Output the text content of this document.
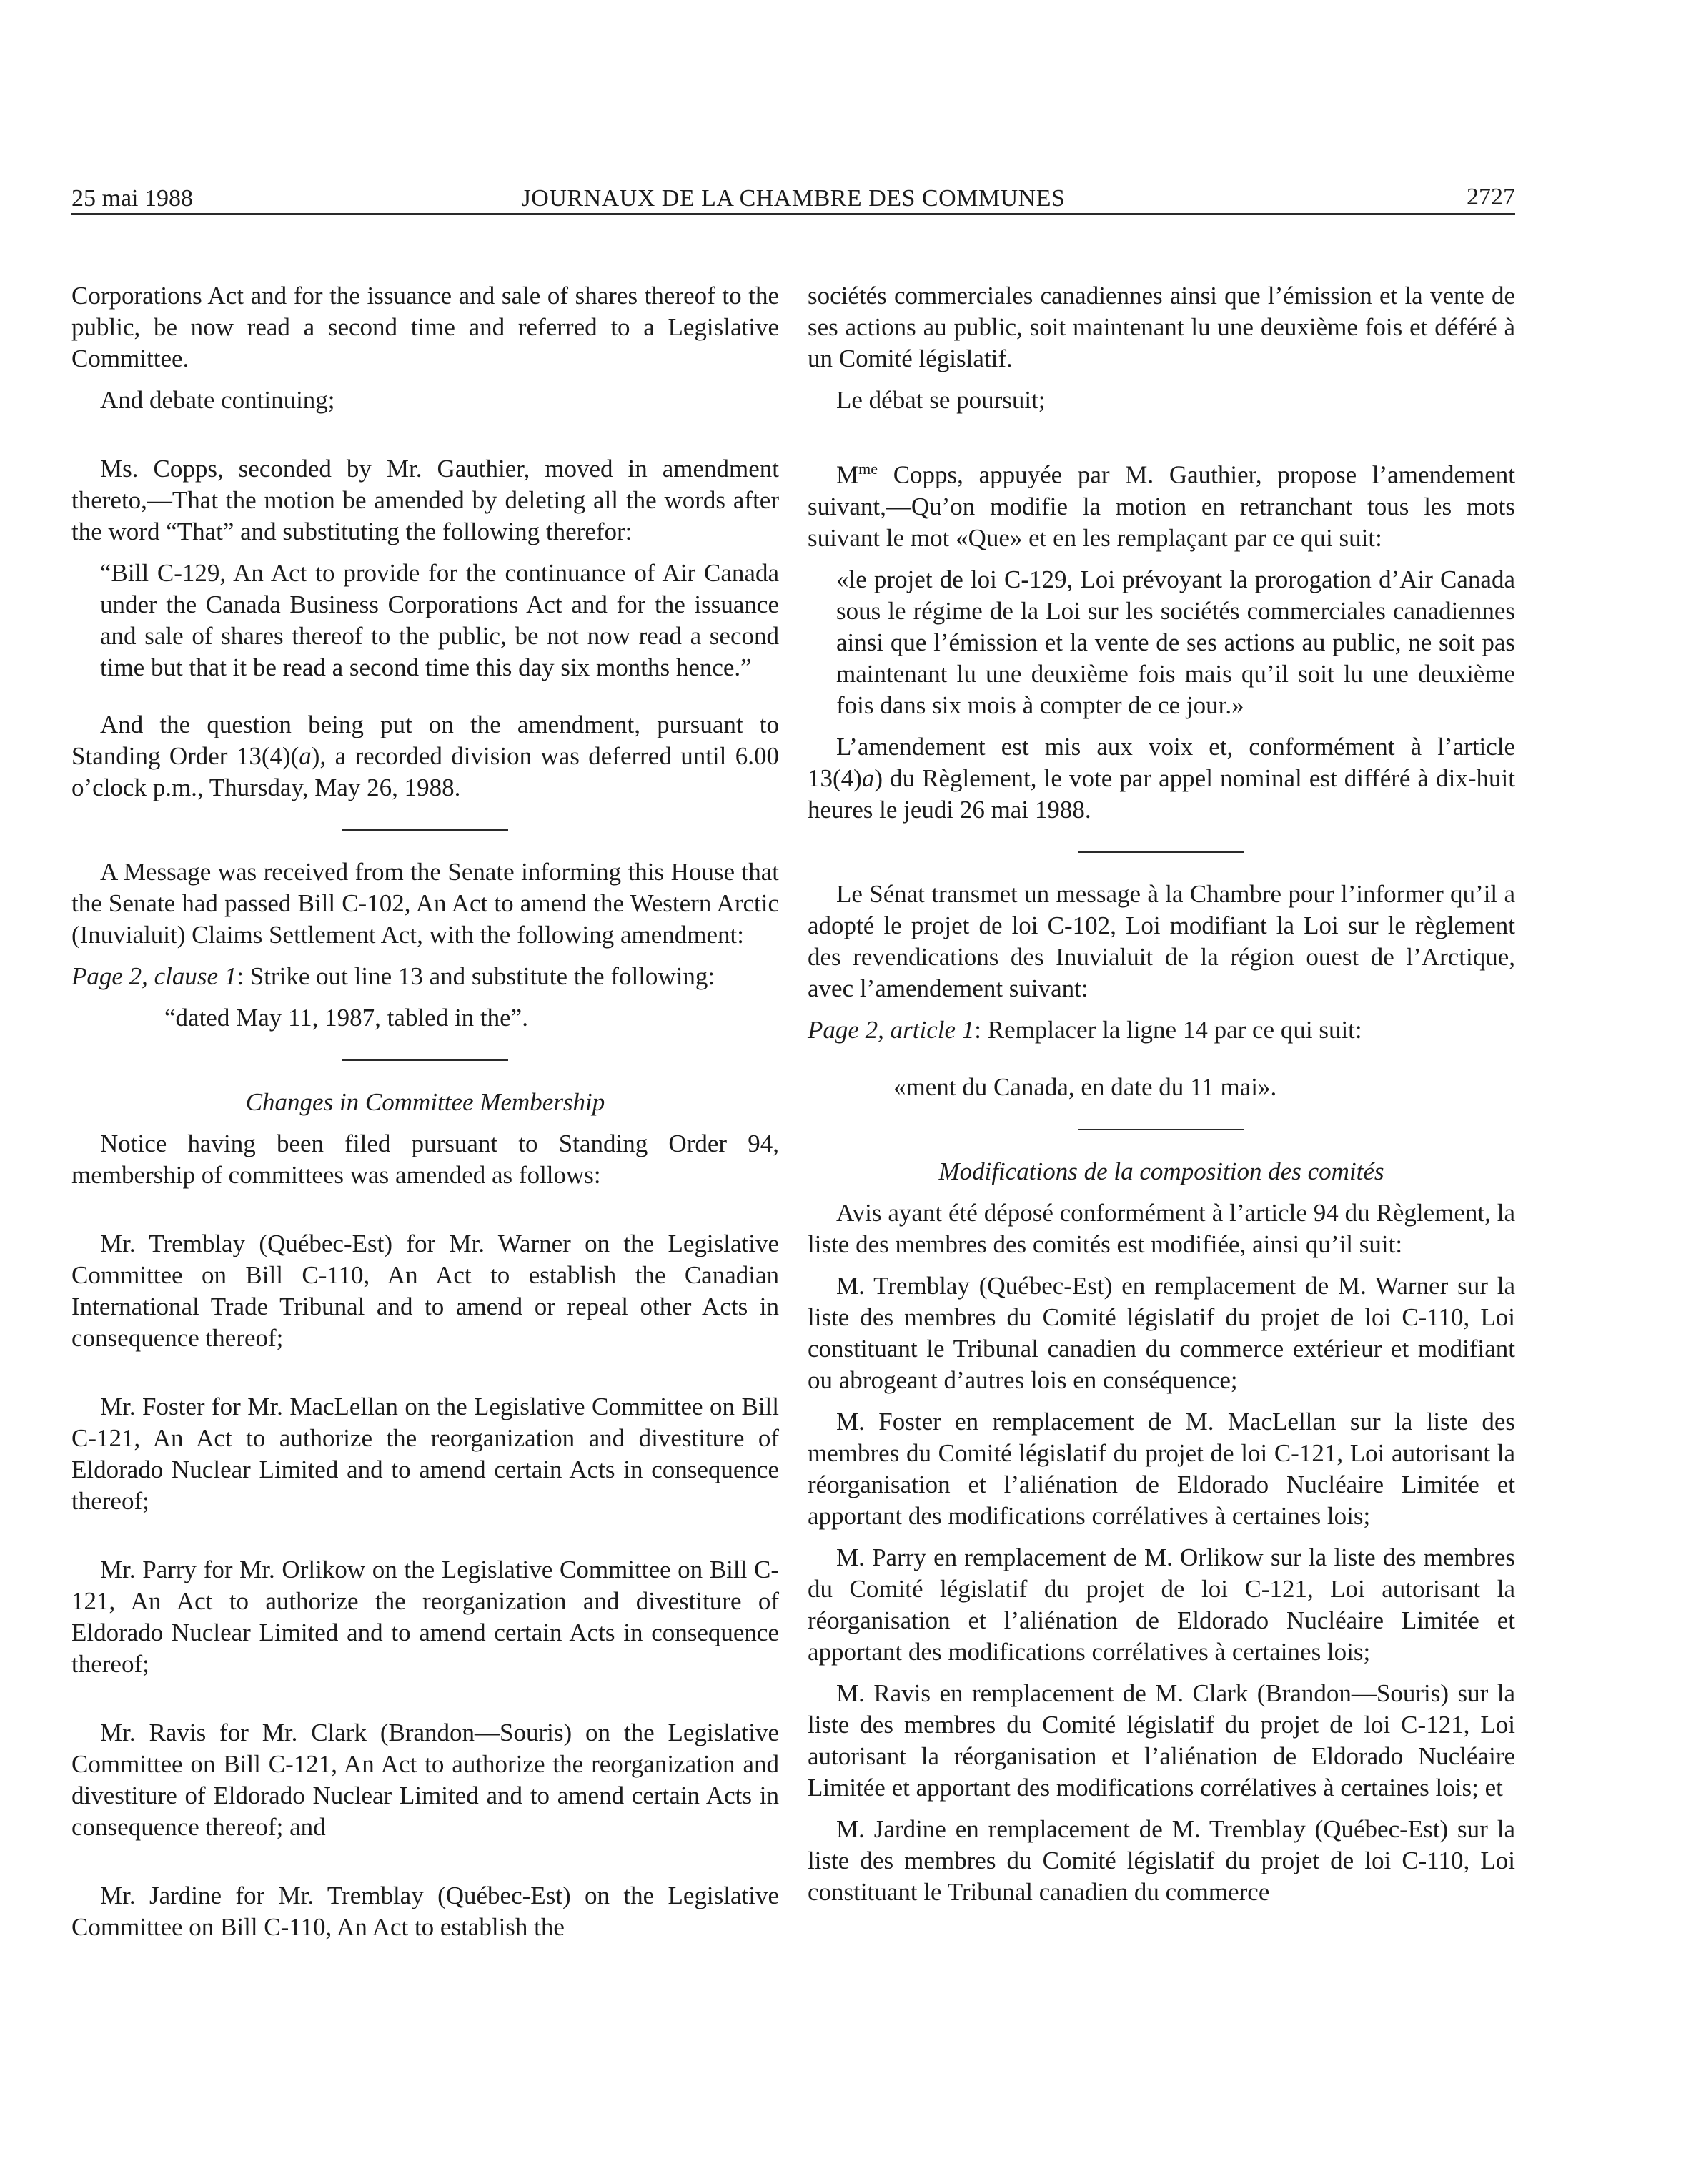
25 mai 1988	JOURNAUX DE LA CHAMBRE DES COMMUNES	2727

Corporations Act and for the issuance and sale of shares thereof to the public, be now read a second time and referred to a Legislative Committee.

And debate continuing;

Ms. Copps, seconded by Mr. Gauthier, moved in amendment thereto,—That the motion be amended by deleting all the words after the word “That” and substituting the following therefor:

“Bill C-129, An Act to provide for the continuance of Air Canada under the Canada Business Corporations Act and for the issuance and sale of shares thereof to the public, be not now read a second time but that it be read a second time this day six months hence.”

And the question being put on the amendment, pursuant to Standing Order 13(4)(a), a recorded division was deferred until 6.00 o’clock p.m., Thursday, May 26, 1988.

A Message was received from the Senate informing this House that the Senate had passed Bill C-102, An Act to amend the Western Arctic (Inuvialuit) Claims Settlement Act, with the following amendment:

Page 2, clause 1: Strike out line 13 and substitute the following:

“dated May 11, 1987, tabled in the”.

Changes in Committee Membership

Notice having been filed pursuant to Standing Order 94, membership of committees was amended as follows:

Mr. Tremblay (Québec-Est) for Mr. Warner on the Legislative Committee on Bill C-110, An Act to establish the Canadian International Trade Tribunal and to amend or repeal other Acts in consequence thereof;

Mr. Foster for Mr. MacLellan on the Legislative Committee on Bill C-121, An Act to authorize the reorganization and divestiture of Eldorado Nuclear Limited and to amend certain Acts in consequence thereof;

Mr. Parry for Mr. Orlikow on the Legislative Committee on Bill C-121, An Act to authorize the reorganization and divestiture of Eldorado Nuclear Limited and to amend certain Acts in consequence thereof;

Mr. Ravis for Mr. Clark (Brandon—Souris) on the Legislative Committee on Bill C-121, An Act to authorize the reorganization and divestiture of Eldorado Nuclear Limited and to amend certain Acts in consequence thereof; and

Mr. Jardine for Mr. Tremblay (Québec-Est) on the Legislative Committee on Bill C-110, An Act to establish the

sociétés commerciales canadiennes ainsi que l’émission et la vente de ses actions au public, soit maintenant lu une deuxième fois et déféré à un Comité législatif.

Le débat se poursuit;

$M^{me}$ Copps, appuyée par M. Gauthier, propose l’amendement suivant,—Qu’on modifie la motion en retranchant tous les mots suivant le mot «Que» et en les remplaçant par ce qui suit:

«le projet de loi C-129, Loi prévoyant la prorogation d’Air Canada sous le régime de la Loi sur les sociétés commerciales canadiennes ainsi que l’émission et la vente de ses actions au public, ne soit pas maintenant lu une deuxième fois mais qu’il soit lu une deuxième fois dans six mois à compter de ce jour.»

L’amendement est mis aux voix et, conformément à l’article 13(4)a) du Règlement, le vote par appel nominal est différé à dix-huit heures le jeudi 26 mai 1988.

Le Sénat transmet un message à la Chambre pour l’informer qu’il a adopté le projet de loi C-102, Loi modifiant la Loi sur le règlement des revendications des Inuvialuit de la région ouest de l’Arctique, avec l’amendement suivant:

Page 2, article 1: Remplacer la ligne 14 par ce qui suit:

«ment du Canada, en date du 11 mai».

Modifications de la composition des comités

Avis ayant été déposé conformément à l’article 94 du Règlement, la liste des membres des comités est modifiée, ainsi qu’il suit:

M. Tremblay (Québec-Est) en remplacement de M. Warner sur la liste des membres du Comité législatif du projet de loi C-110, Loi constituant le Tribunal canadien du commerce extérieur et modifiant ou abrogeant d’autres lois en conséquence;

M. Foster en remplacement de M. MacLellan sur la liste des membres du Comité législatif du projet de loi C-121, Loi autorisant la réorganisation et l’aliénation de Eldorado Nucléaire Limitée et apportant des modifications corrélatives à certaines lois;

M. Parry en remplacement de M. Orlikow sur la liste des membres du Comité législatif du projet de loi C-121, Loi autorisant la réorganisation et l’aliénation de Eldorado Nucléaire Limitée et apportant des modifications corrélatives à certaines lois;

M. Ravis en remplacement de M. Clark (Brandon—Souris) sur la liste des membres du Comité législatif du projet de loi C-121, Loi autorisant la réorganisation et l’aliénation de Eldorado Nucléaire Limitée et apportant des modifications corrélatives à certaines lois; et

M. Jardine en remplacement de M. Tremblay (Québec-Est) sur la liste des membres du Comité législatif du projet de loi C-110, Loi constituant le Tribunal canadien du commerce
